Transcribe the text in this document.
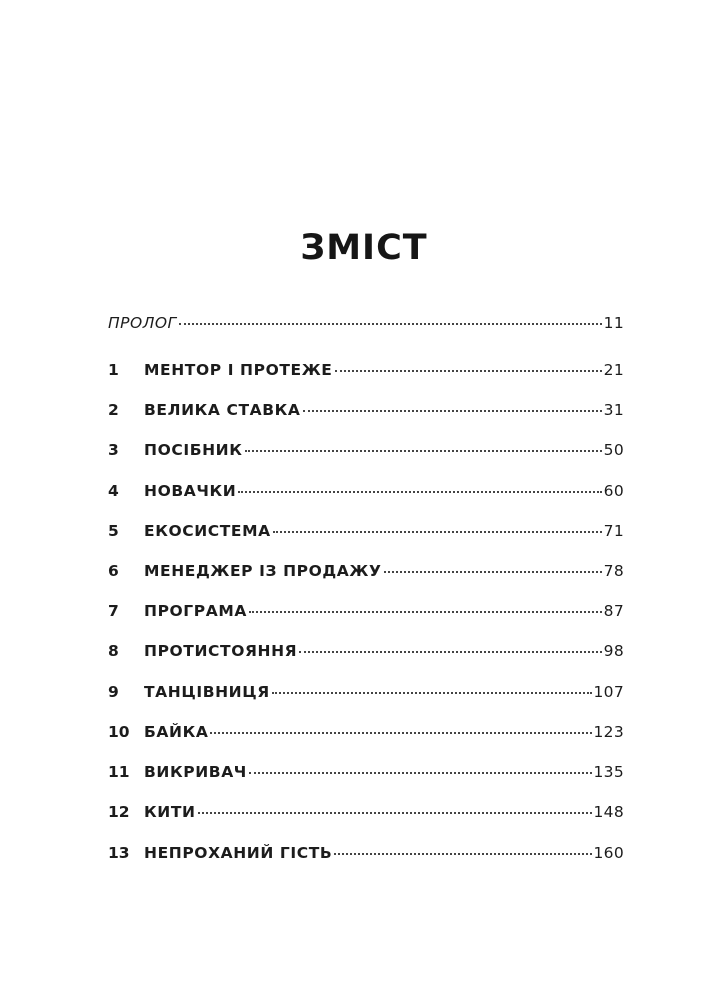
ЗМІСТ
ПРОЛОГ	11
1	МЕНТОР І ПРОТЕЖЕ	21
2	ВЕЛИКА СТАВКА	31
3	ПОСІБНИК	50
4	НОВАЧКИ	60
5	ЕКОСИСТЕМА	71
6	МЕНЕДЖЕР ІЗ ПРОДАЖУ	78
7	ПРОГРАМА	87
8	ПРОТИСТОЯННЯ	98
9	ТАНЦІВНИЦЯ	107
10 БАЙКА	123
11 ВИКРИВАЧ	135
12 КИТИ	148
13 НЕПРОХАНИЙ ГІСТЬ	160
